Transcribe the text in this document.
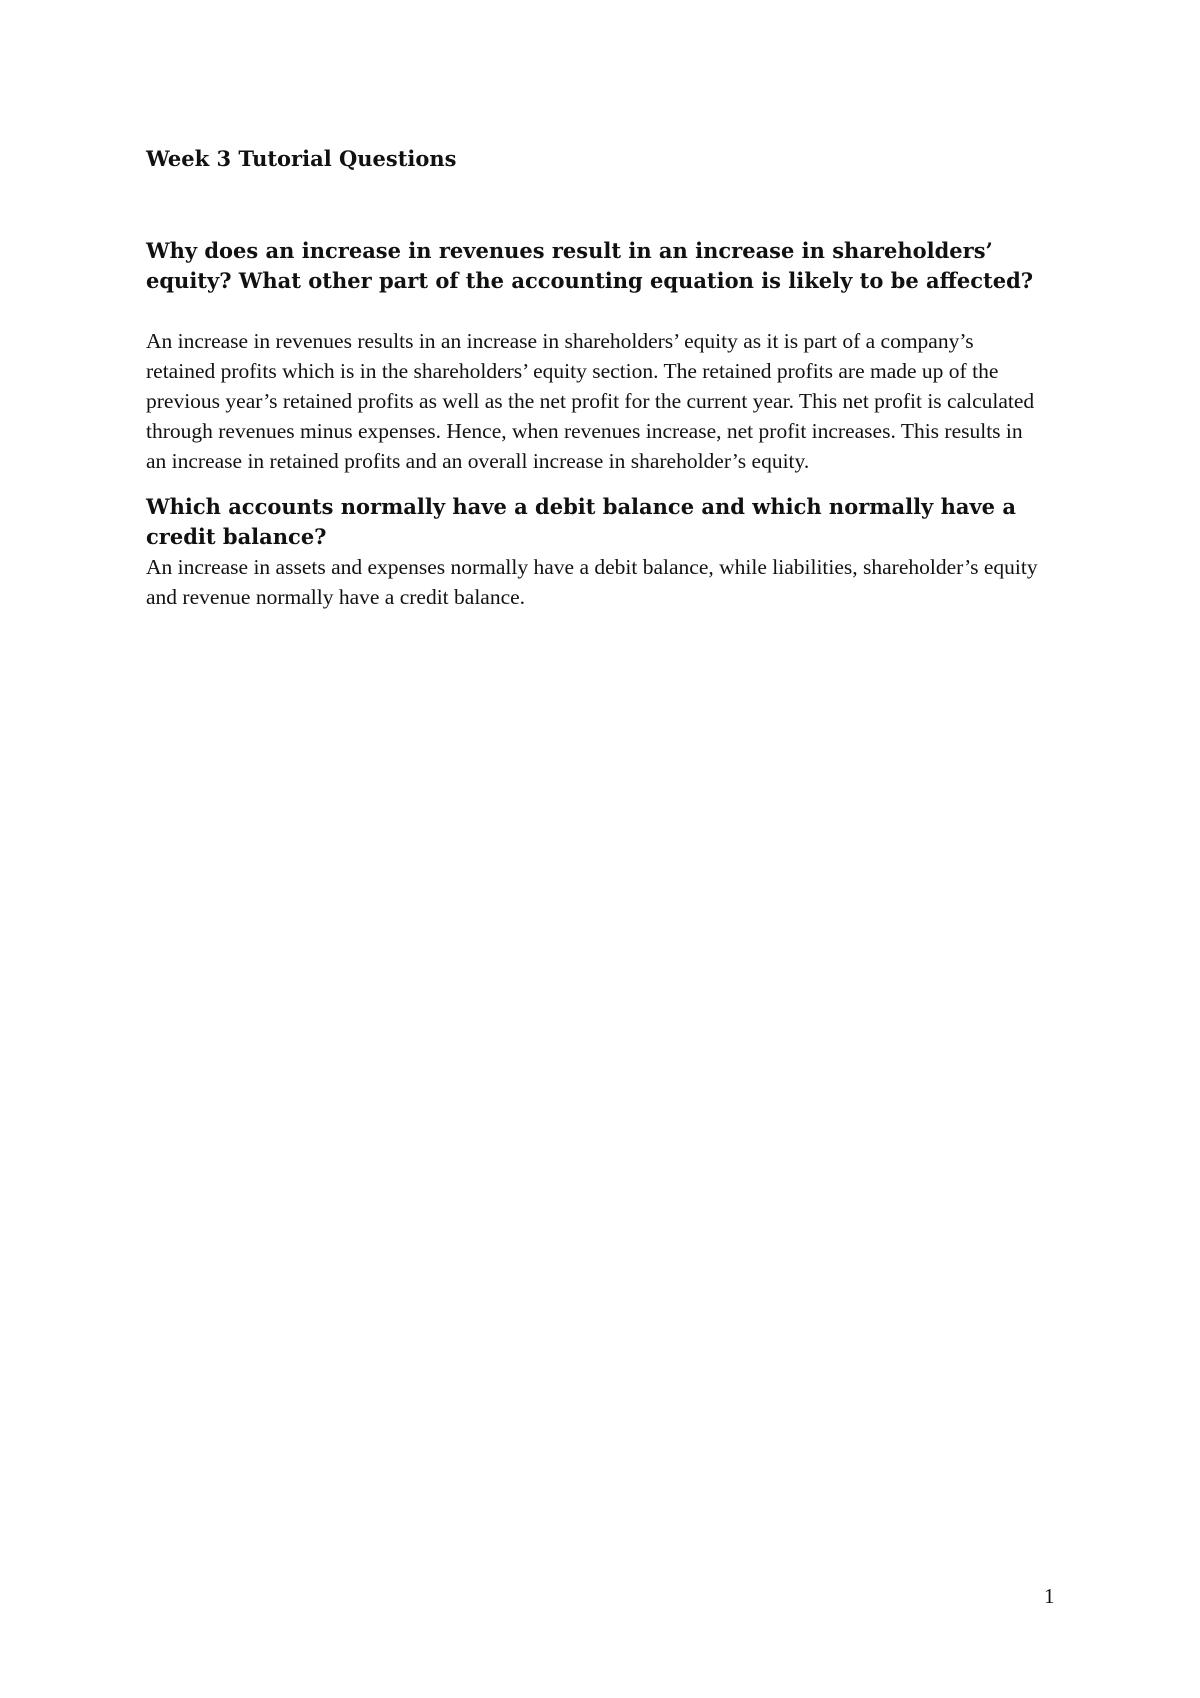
Week 3 Tutorial Questions

Why does an increase in revenues result in an increase in shareholders’ equity? What other part of the accounting equation is likely to be affected?

An increase in revenues results in an increase in shareholders’ equity as it is part of a company’s retained profits which is in the shareholders’ equity section. The retained profits are made up of the previous year’s retained profits as well as the net profit for the current year. This net profit is calculated through revenues minus expenses. Hence, when revenues increase, net profit increases. This results in an increase in retained profits and an overall increase in shareholder’s equity.

Which accounts normally have a debit balance and which normally have a credit balance?

An increase in assets and expenses normally have a debit balance, while liabilities, shareholder’s equity and revenue normally have a credit balance.

1
